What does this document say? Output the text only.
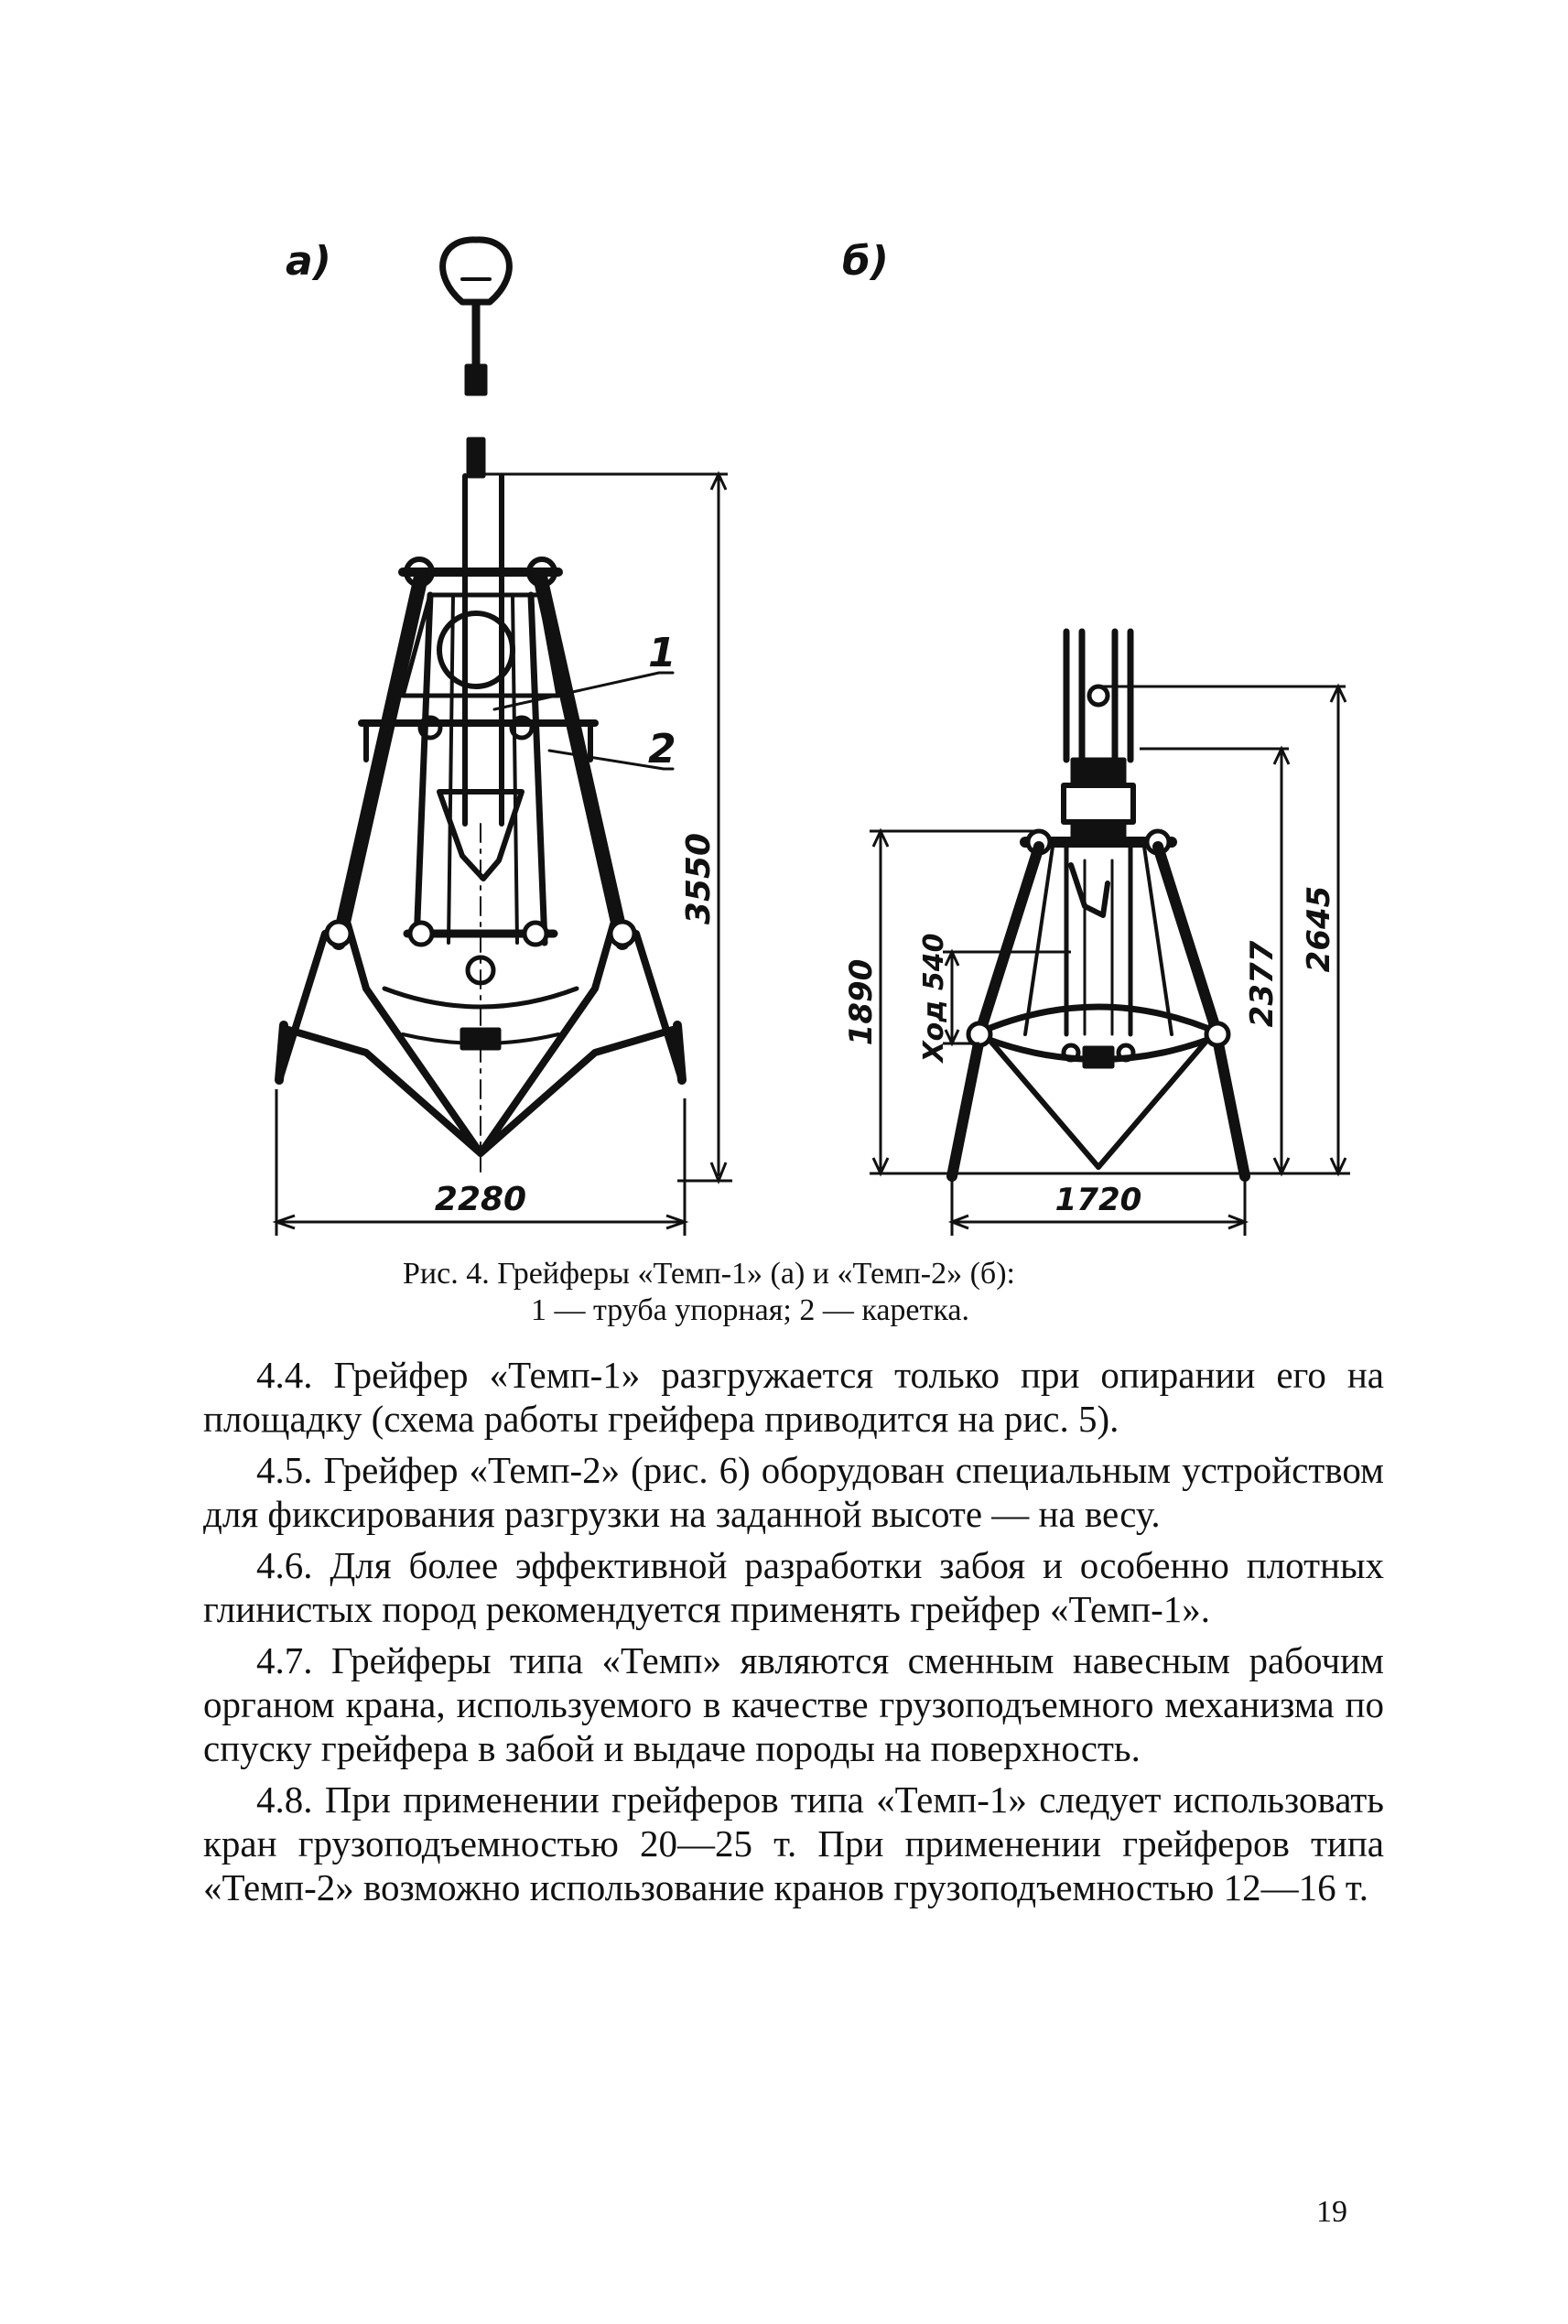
а)	б)
1
2
3550
2280
2645
2377
1890 Ход 540
1720
Рис. 4. Грейферы «Темп-1» (а) и «Темп-2» (б):
1 — труба упорная; 2 — каретка.

4.4. Грейфер «Темп-1» разгружается только при опирании его на площадку (схема работы грейфера приводится на рис. 5).

4.5. Грейфер «Темп-2» (рис. 6) оборудован специальным устройством для фиксирования разгрузки на заданной высоте — на весу.

4.6. Для более эффективной разработки забоя и особенно плотных глинистых пород рекомендуется применять грейфер «Темп-1».

4.7. Грейферы типа «Темп» являются сменным навесным рабочим органом крана, используемого в качестве грузоподъемного механизма по спуску грейфера в забой и выдаче породы на поверхность.

4.8. При применении грейферов типа «Темп-1» следует использовать кран грузоподъемностью 20—25 т. При применении грейферов типа «Темп-2» возможно использование кранов грузоподъемностью 12—16 т.

19
